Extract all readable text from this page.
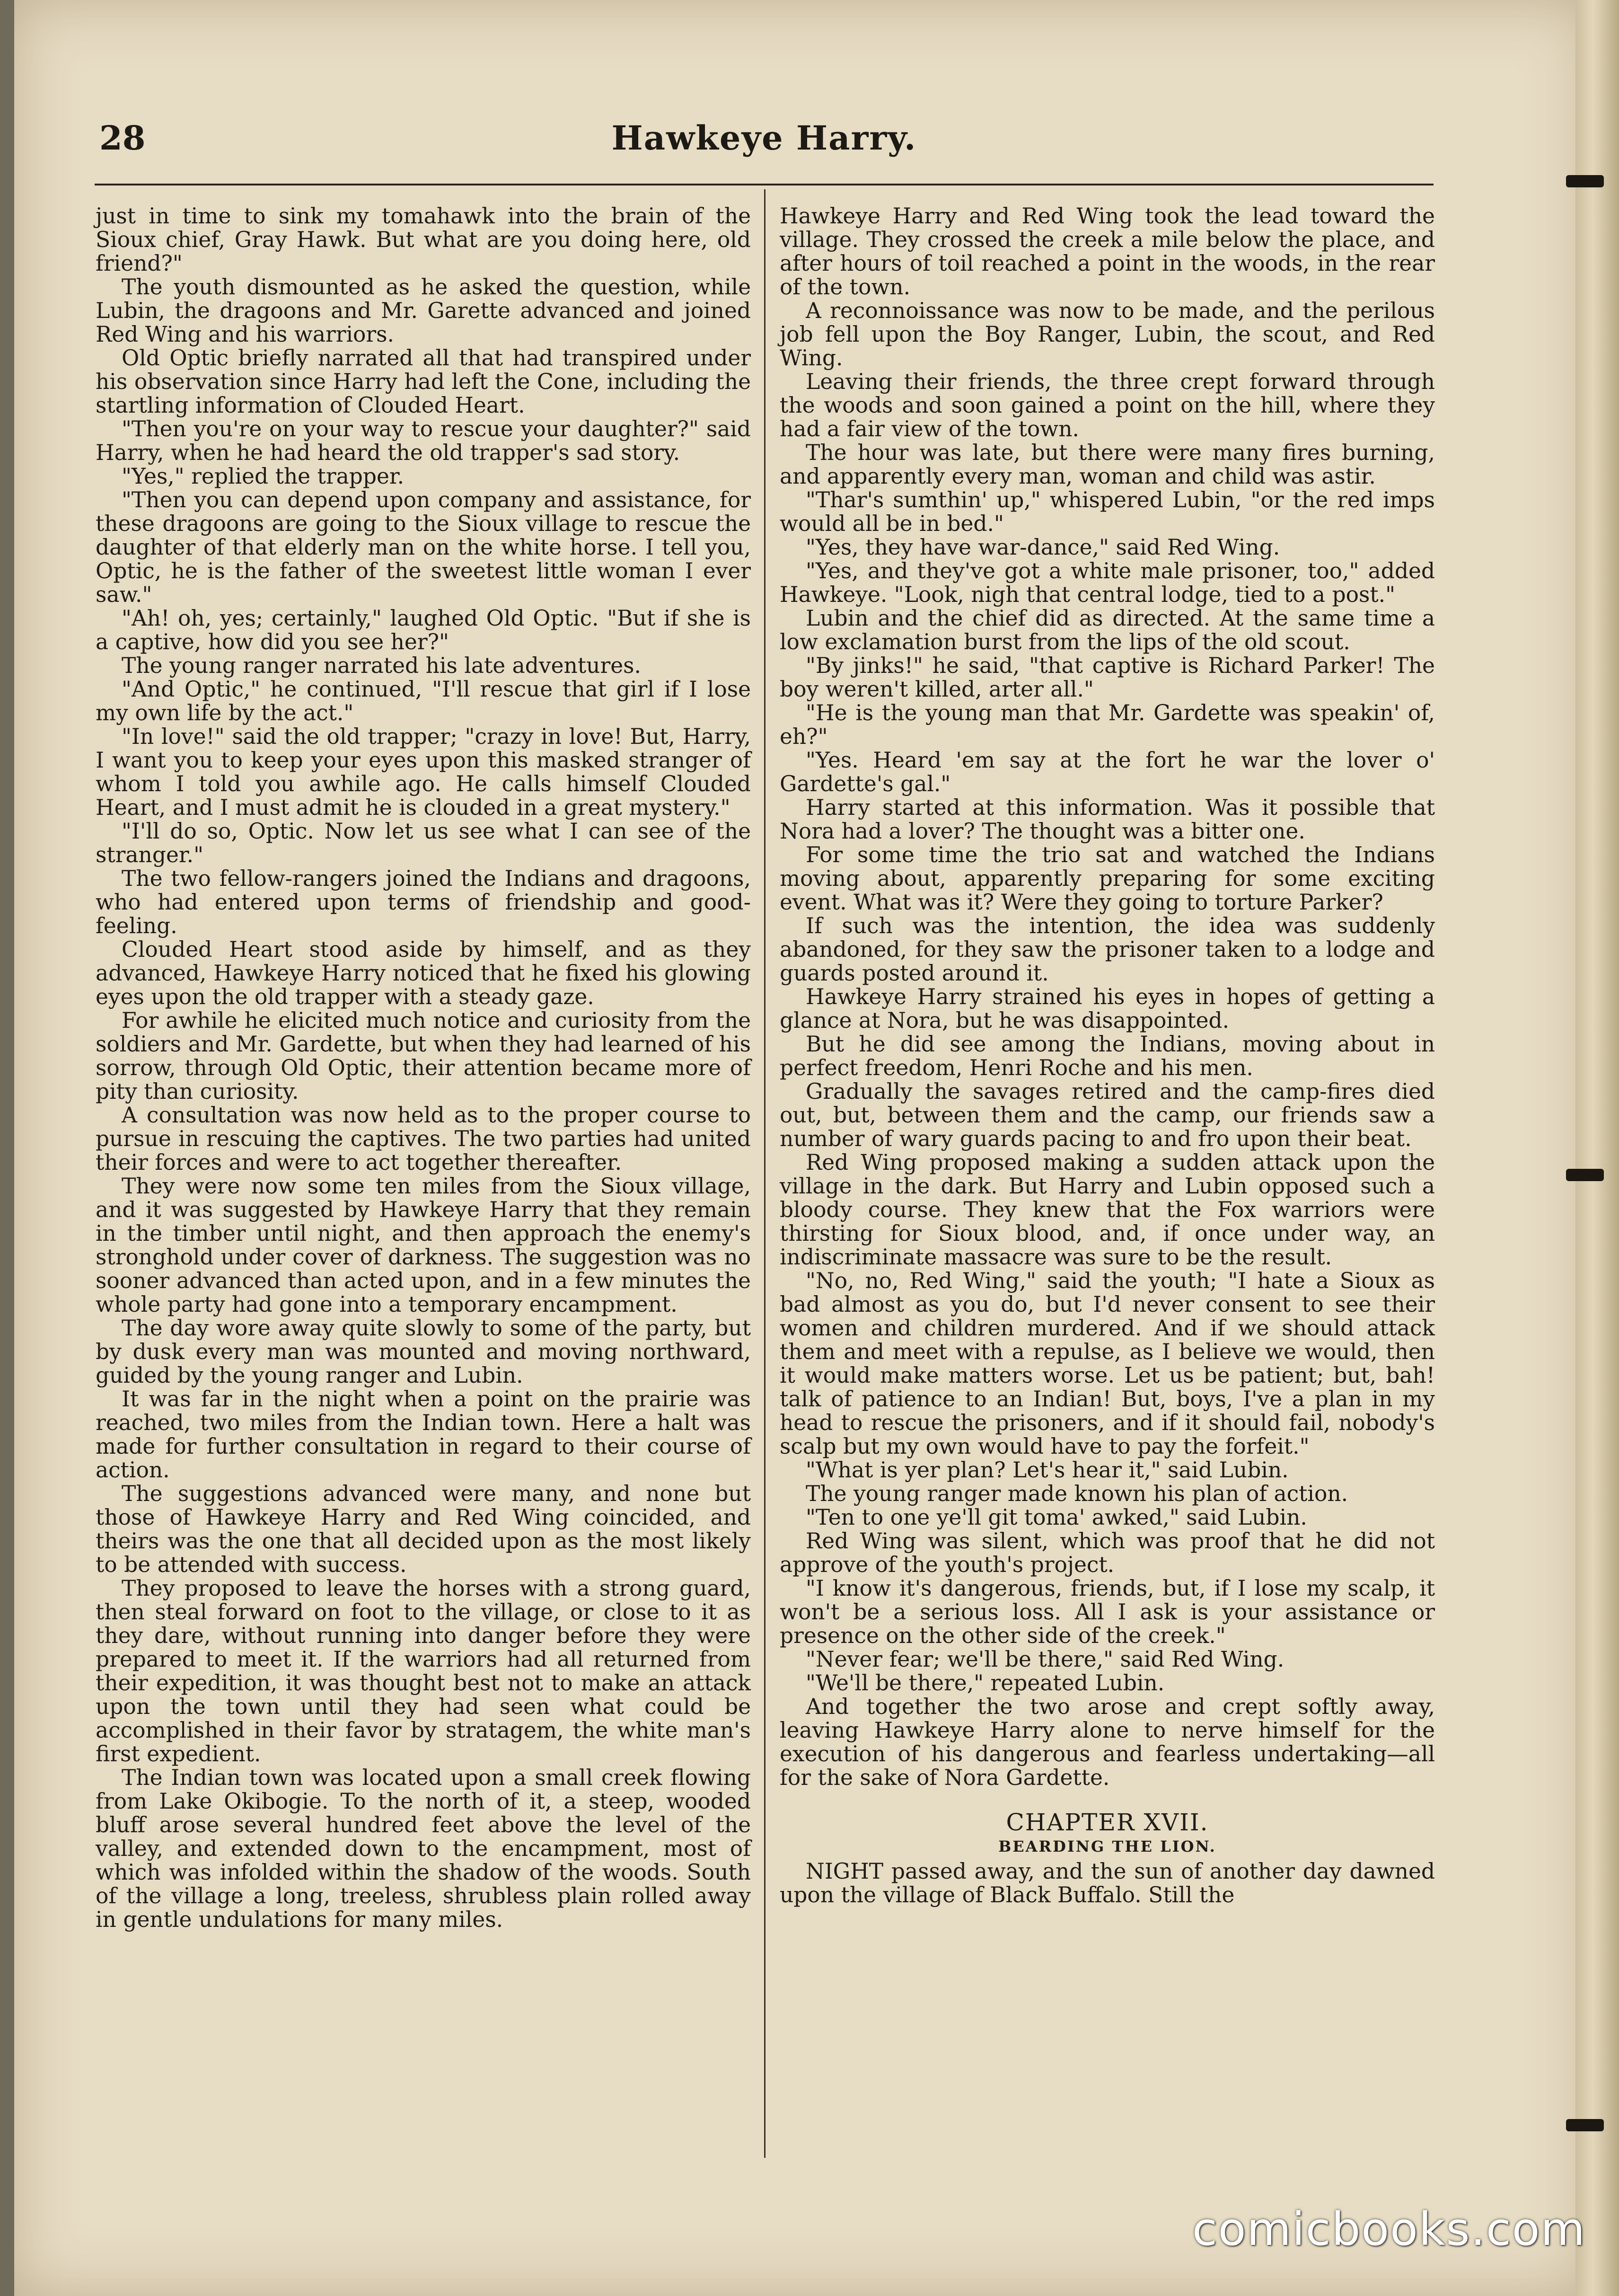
28	Hawkeye Harry.

just in time to sink my tomahawk into the brain of the Sioux chief, Gray Hawk. But what are you doing here, old friend?"

The youth dismounted as he asked the question, while Lubin, the dragoons and Mr. Garette advanced and joined Red Wing and his warriors.

Old Optic briefly narrated all that had transpired under his observation since Harry had left the Cone, including the startling information of Clouded Heart.

"Then you're on your way to rescue your daughter?" said Harry, when he had heard the old trapper's sad story.

"Yes," replied the trapper.

"Then you can depend upon company and assistance, for these dragoons are going to the Sioux village to rescue the daughter of that elderly man on the white horse. I tell you, Optic, he is the father of the sweetest little woman I ever saw."

"Ah! oh, yes; certainly," laughed Old Optic. "But if she is a captive, how did you see her?"

The young ranger narrated his late adventures.

"And Optic," he continued, "I'll rescue that girl if I lose my own life by the act."

"In love!" said the old trapper; "crazy in love! But, Harry, I want you to keep your eyes upon this masked stranger of whom I told you awhile ago. He calls himself Clouded Heart, and I must admit he is clouded in a great mystery."

"I'll do so, Optic. Now let us see what I can see of the stranger."

The two fellow-rangers joined the Indians and dragoons, who had entered upon terms of friendship and good-feeling.

Clouded Heart stood aside by himself, and as they advanced, Hawkeye Harry noticed that he fixed his glowing eyes upon the old trapper with a steady gaze.

For awhile he elicited much notice and curiosity from the soldiers and Mr. Gardette, but when they had learned of his sorrow, through Old Optic, their attention became more of pity than curiosity.

A consultation was now held as to the proper course to pursue in rescuing the captives. The two parties had united their forces and were to act together thereafter.

They were now some ten miles from the Sioux village, and it was suggested by Hawkeye Harry that they remain in the timber until night, and then approach the enemy's stronghold under cover of darkness. The suggestion was no sooner advanced than acted upon, and in a few minutes the whole party had gone into a temporary encampment.

The day wore away quite slowly to some of the party, but by dusk every man was mounted and moving northward, guided by the young ranger and Lubin.

It was far in the night when a point on the prairie was reached, two miles from the Indian town. Here a halt was made for further consultation in regard to their course of action.

The suggestions advanced were many, and none but those of Hawkeye Harry and Red Wing coincided, and theirs was the one that all decided upon as the most likely to be attended with success.

They proposed to leave the horses with a strong guard, then steal forward on foot to the village, or close to it as they dare, without running into danger before they were prepared to meet it. If the warriors had all returned from their expedition, it was thought best not to make an attack upon the town until they had seen what could be accomplished in their favor by stratagem, the white man's first expedient.

The Indian town was located upon a small creek flowing from Lake Okibogie. To the north of it, a steep, wooded bluff arose several hundred feet above the level of the valley, and extended down to the encampment, most of which was infolded within the shadow of the woods. South of the village a long, treeless, shrubless plain rolled away in gentle undulations for many miles.

Hawkeye Harry and Red Wing took the lead toward the village. They crossed the creek a mile below the place, and after hours of toil reached a point in the woods, in the rear of the town.

A reconnoissance was now to be made, and the perilous job fell upon the Boy Ranger, Lubin, the scout, and Red Wing.

Leaving their friends, the three crept forward through the woods and soon gained a point on the hill, where they had a fair view of the town.

The hour was late, but there were many fires burning, and apparently every man, woman and child was astir.

"Thar's sumthin' up," whispered Lubin, "or the red imps would all be in bed."

"Yes, they have war-dance," said Red Wing.

"Yes, and they've got a white male prisoner, too," added Hawkeye. "Look, nigh that central lodge, tied to a post."

Lubin and the chief did as directed. At the same time a low exclamation burst from the lips of the old scout.

"By jinks!" he said, "that captive is Richard Parker! The boy weren't killed, arter all."

"He is the young man that Mr. Gardette was speakin' of, eh?"

"Yes. Heard 'em say at the fort he war the lover o' Gardette's gal."

Harry started at this information. Was it possible that Nora had a lover? The thought was a bitter one.

For some time the trio sat and watched the Indians moving about, apparently preparing for some exciting event. What was it? Were they going to torture Parker?

If such was the intention, the idea was suddenly abandoned, for they saw the prisoner taken to a lodge and guards posted around it.

Hawkeye Harry strained his eyes in hopes of getting a glance at Nora, but he was disappointed.

But he did see among the Indians, moving about in perfect freedom, Henri Roche and his men.

Gradually the savages retired and the camp-fires died out, but, between them and the camp, our friends saw a number of wary guards pacing to and fro upon their beat.

Red Wing proposed making a sudden attack upon the village in the dark. But Harry and Lubin opposed such a bloody course. They knew that the Fox warriors were thirsting for Sioux blood, and, if once under way, an indiscriminate massacre was sure to be the result.

"No, no, Red Wing," said the youth; "I hate a Sioux as bad almost as you do, but I'd never consent to see their women and children murdered. And if we should attack them and meet with a repulse, as I believe we would, then it would make matters worse. Let us be patient; but, bah! talk of patience to an Indian! But, boys, I've a plan in my head to rescue the prisoners, and if it should fail, nobody's scalp but my own would have to pay the forfeit."

"What is yer plan? Let's hear it," said Lubin.

The young ranger made known his plan of action.

"Ten to one ye'll git toma' awked," said Lubin.

Red Wing was silent, which was proof that he did not approve of the youth's project.

"I know it's dangerous, friends, but, if I lose my scalp, it won't be a serious loss. All I ask is your assistance or presence on the other side of the creek."

"Never fear; we'll be there," said Red Wing.

"We'll be there," repeated Lubin.

And together the two arose and crept softly away, leaving Hawkeye Harry alone to nerve himself for the execution of his dangerous and fearless undertaking—all for the sake of Nora Gardette.

CHAPTER XVII.
BEARDING THE LION.

NIGHT passed away, and the sun of another day dawned upon the village of Black Buffalo. Still the

comicbooks.com
